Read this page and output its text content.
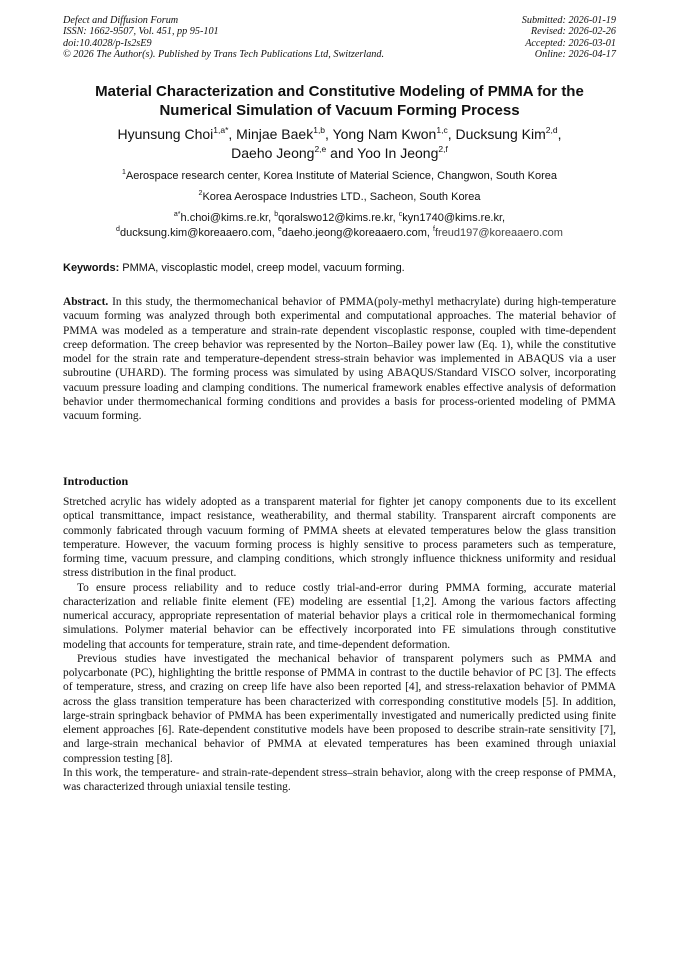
Defect and Diffusion Forum
ISSN: 1662-9507, Vol. 451, pp 95-101
doi:10.4028/p-Is2sE9
© 2026 The Author(s). Published by Trans Tech Publications Ltd, Switzerland.
Submitted: 2026-01-19
Revised: 2026-02-26
Accepted: 2026-03-01
Online: 2026-04-17
Material Characterization and Constitutive Modeling of PMMA for the
Numerical Simulation of Vacuum Forming Process
Hyunsung Choi$^{1,a*}$, Minjae Baek$^{1,b}$, Yong Nam Kwon$^{1,c}$, Ducksung Kim$^{2,d}$,
Daeho Jeong$^{2,e}$ and Yoo In Jeong$^{2,f}$
$^1$Aerospace research center, Korea Institute of Material Science, Changwon, South Korea
$^2$Korea Aerospace Industries LTD., Sacheon, South Korea
$^{a*}$h.choi@kims.re.kr, $^b$qoralswo12@kims.re.kr, $^c$kyn1740@kims.re.kr,
$^d$ducksung.kim@koreaaero.com, $^e$daeho.jeong@koreaaero.com, $^f$freud197@koreaaero.com
Keywords: PMMA, viscoplastic model, creep model, vacuum forming.

Abstract. In this study, the thermomechanical behavior of PMMA(poly-methyl methacrylate) during high-temperature vacuum forming was analyzed through both experimental and computational approaches. The material behavior of PMMA was modeled as a temperature and strain-rate dependent viscoplastic response, coupled with time-dependent creep deformation. The creep behavior was represented by the Norton–Bailey power law (Eq. 1), while the constitutive model for the strain rate and temperature-dependent stress-strain behavior was implemented in ABAQUS via a user subroutine (UHARD). The forming process was simulated by using ABAQUS/Standard VISCO solver, incorporating vacuum pressure loading and clamping conditions. The numerical framework enables effective analysis of deformation behavior under thermomechanical forming conditions and provides a basis for process-oriented modeling of PMMA vacuum forming.

Introduction

Stretched acrylic has widely adopted as a transparent material for fighter jet canopy components due to its excellent optical transmittance, impact resistance, weatherability, and thermal stability. Transparent aircraft components are commonly fabricated through vacuum forming of PMMA sheets at elevated temperatures below the glass transition temperature. However, the vacuum forming process is highly sensitive to process parameters such as temperature, forming time, vacuum pressure, and clamping conditions, which strongly influence thickness uniformity and residual stress distribution in the final product.

To ensure process reliability and to reduce costly trial-and-error during PMMA forming, accurate material characterization and reliable finite element (FE) modeling are essential [1,2]. Among the various factors affecting numerical accuracy, appropriate representation of material behavior plays a critical role in thermomechanical forming simulations. Polymer material behavior can be effectively incorporated into FE simulations through constitutive modeling that accounts for temperature, strain rate, and time-dependent deformation.

Previous studies have investigated the mechanical behavior of transparent polymers such as PMMA and polycarbonate (PC), highlighting the brittle response of PMMA in contrast to the ductile behavior of PC [3]. The effects of temperature, stress, and crazing on creep life have also been reported [4], and stress-relaxation behavior of PMMA across the glass transition temperature has been characterized with corresponding constitutive models [5]. In addition, large-strain springback behavior of PMMA has been experimentally investigated and numerically predicted using finite element approaches [6]. Rate-dependent constitutive models have been proposed to describe strain-rate sensitivity [7], and large-strain mechanical behavior of PMMA at elevated temperatures has been examined through uniaxial compression testing [8].

In this work, the temperature- and strain-rate-dependent stress–strain behavior, along with the creep response of PMMA, was characterized through uniaxial tensile testing.
